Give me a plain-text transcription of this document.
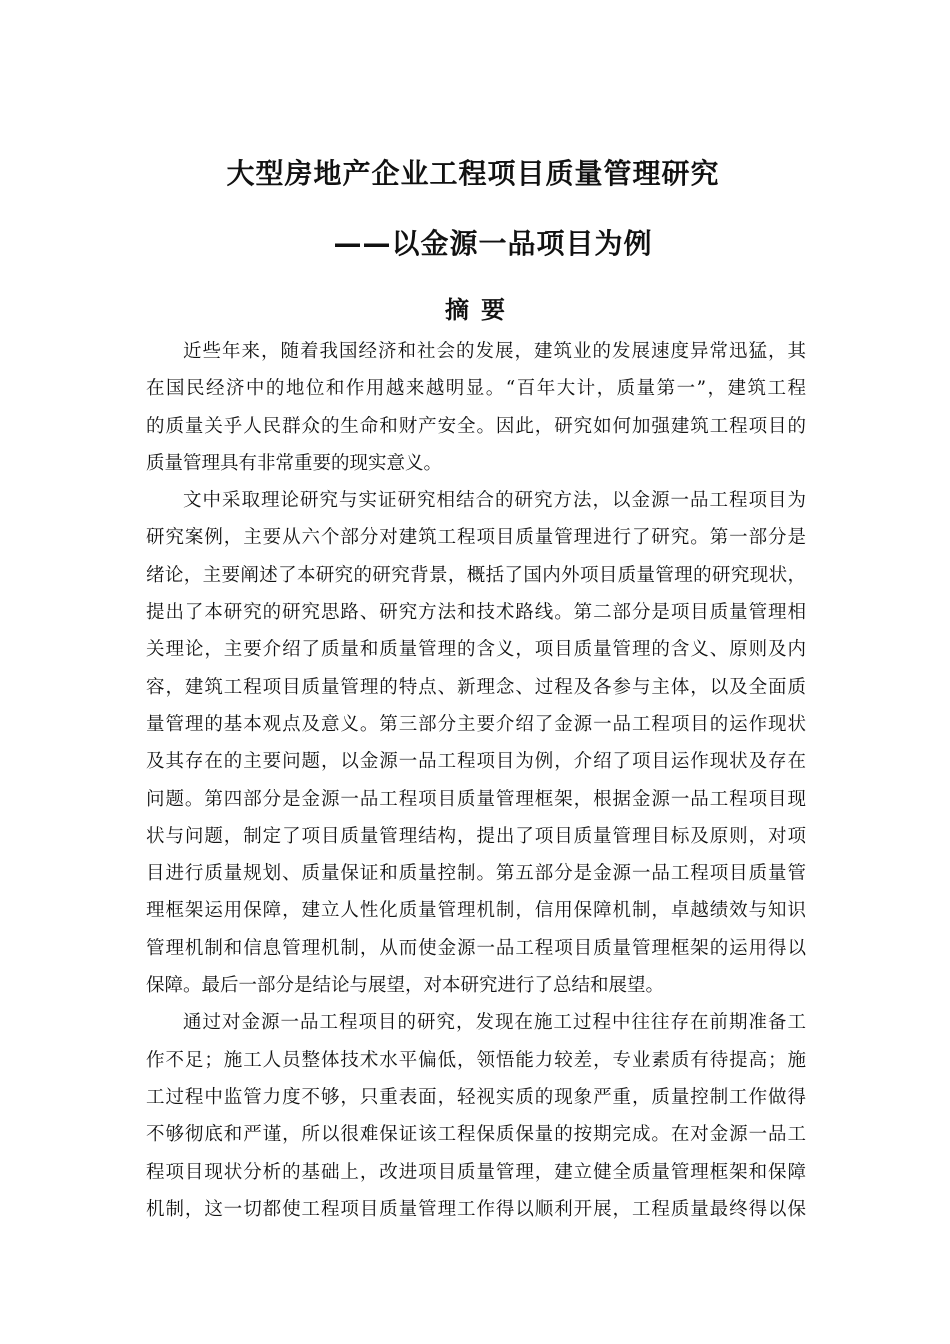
大型房地产企业工程项目质量管理研究
——以金源一品项目为例
摘要
近些年来，随着我国经济和社会的发展，建筑业的发展速度异常迅猛，其
在国民经济中的地位和作用越来越明显。“百年大计，质量第一”，建筑工程
的质量关乎人民群众的生命和财产安全。因此，研究如何加强建筑工程项目的
质量管理具有非常重要的现实意义。
文中采取理论研究与实证研究相结合的研究方法，以金源一品工程项目为
研究案例，主要从六个部分对建筑工程项目质量管理进行了研究。第一部分是
绪论，主要阐述了本研究的研究背景，概括了国内外项目质量管理的研究现状，
提出了本研究的研究思路、研究方法和技术路线。第二部分是项目质量管理相
关理论，主要介绍了质量和质量管理的含义，项目质量管理的含义、原则及内
容，建筑工程项目质量管理的特点、新理念、过程及各参与主体，以及全面质
量管理的基本观点及意义。第三部分主要介绍了金源一品工程项目的运作现状
及其存在的主要问题，以金源一品工程项目为例，介绍了项目运作现状及存在
问题。第四部分是金源一品工程项目质量管理框架，根据金源一品工程项目现
状与问题，制定了项目质量管理结构，提出了项目质量管理目标及原则，对项
目进行质量规划、质量保证和质量控制。第五部分是金源一品工程项目质量管
理框架运用保障，建立人性化质量管理机制，信用保障机制，卓越绩效与知识
管理机制和信息管理机制，从而使金源一品工程项目质量管理框架的运用得以
保障。最后一部分是结论与展望，对本研究进行了总结和展望。
通过对金源一品工程项目的研究，发现在施工过程中往往存在前期准备工
作不足；施工人员整体技术水平偏低，领悟能力较差，专业素质有待提高；施
工过程中监管力度不够，只重表面，轻视实质的现象严重，质量控制工作做得
不够彻底和严谨，所以很难保证该工程保质保量的按期完成。在对金源一品工
程项目现状分析的基础上，改进项目质量管理，建立健全质量管理框架和保障
机制，这一切都使工程项目质量管理工作得以顺利开展，工程质量最终得以保
